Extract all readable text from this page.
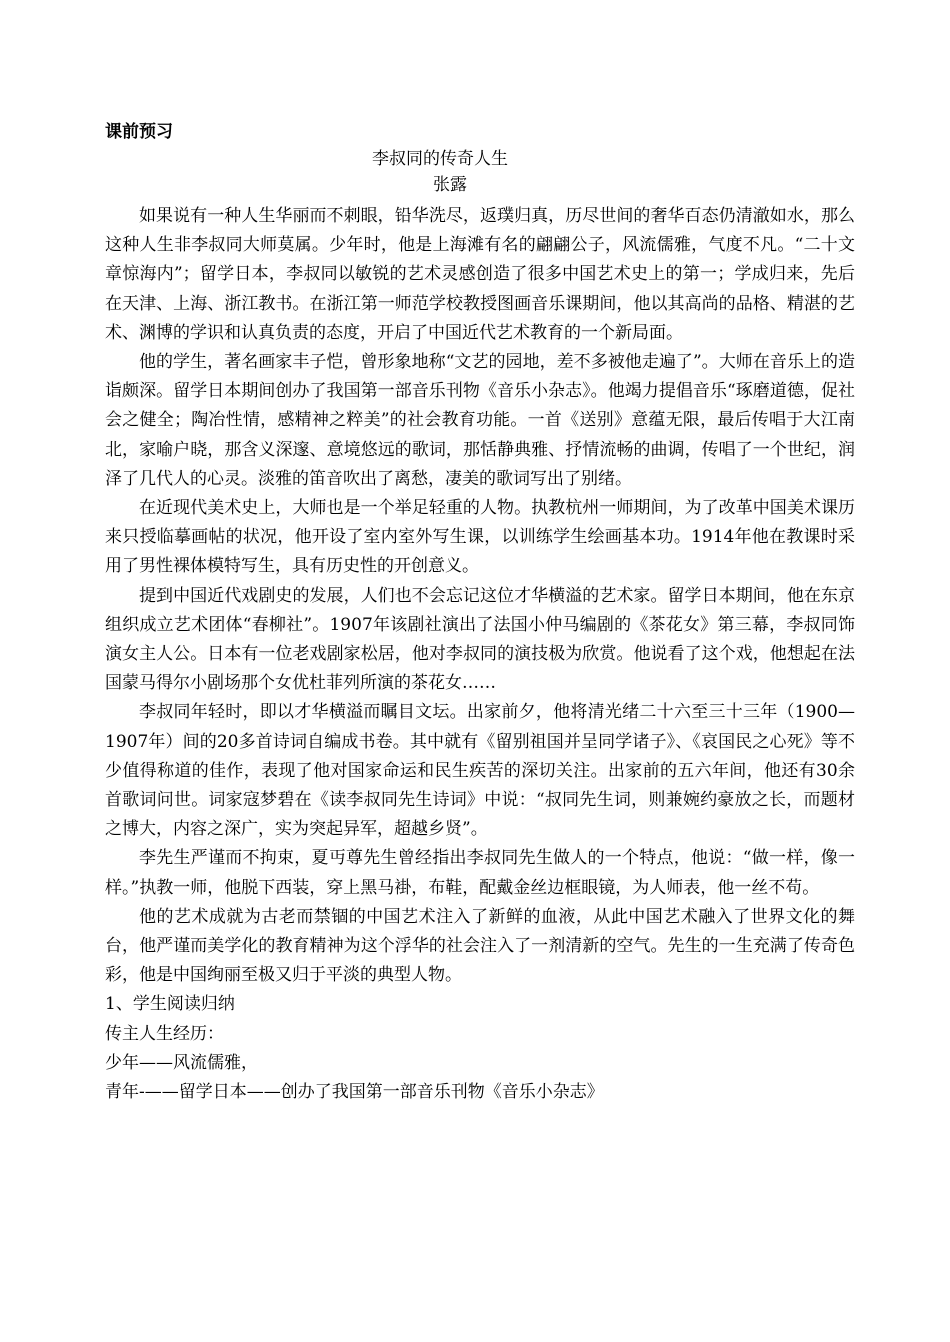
课前预习

李叔同的传奇人生

张露

如果说有一种人生华丽而不刺眼，铅华洗尽，返璞归真，历尽世间的奢华百态仍清澈如水，那么这种人生非李叔同大师莫属。少年时，他是上海滩有名的翩翩公子，风流儒雅，气度不凡。“二十文章惊海内”；留学日本，李叔同以敏锐的艺术灵感创造了很多中国艺术史上的第一；学成归来，先后在天津、上海、浙江教书。在浙江第一师范学校教授图画音乐课期间，他以其高尚的品格、精湛的艺术、渊博的学识和认真负责的态度，开启了中国近代艺术教育的一个新局面。

他的学生，著名画家丰子恺，曾形象地称“文艺的园地，差不多被他走遍了”。大师在音乐上的造诣颇深。留学日本期间创办了我国第一部音乐刊物《音乐小杂志》。他竭力提倡音乐“琢磨道德，促社会之健全；陶冶性情，感精神之粹美”的社会教育功能。一首《送别》意蕴无限，最后传唱于大江南北，家喻户晓，那含义深邃、意境悠远的歌词，那恬静典雅、抒情流畅的曲调，传唱了一个世纪，润泽了几代人的心灵。淡雅的笛音吹出了离愁，凄美的歌词写出了别绪。

在近现代美术史上，大师也是一个举足轻重的人物。执教杭州一师期间，为了改革中国美术课历来只授临摹画帖的状况，他开设了室内室外写生课，以训练学生绘画基本功。1914年他在教课时采用了男性裸体模特写生，具有历史性的开创意义。

提到中国近代戏剧史的发展，人们也不会忘记这位才华横溢的艺术家。留学日本期间，他在东京组织成立艺术团体“春柳社”。1907年该剧社演出了法国小仲马编剧的《茶花女》第三幕，李叔同饰演女主人公。日本有一位老戏剧家松居，他对李叔同的演技极为欣赏。他说看了这个戏，他想起在法国蒙马得尔小剧场那个女优杜菲列所演的茶花女……

李叔同年轻时，即以才华横溢而瞩目文坛。出家前夕，他将清光绪二十六至三十三年（1900—1907年）间的20多首诗词自编成书卷。其中就有《留别祖国并呈同学诸子》、《哀国民之心死》等不少值得称道的佳作，表现了他对国家命运和民生疾苦的深切关注。出家前的五六年间，他还有30余首歌词问世。词家寇梦碧在《读李叔同先生诗词》中说：“叔同先生词，则兼婉约豪放之长，而题材之博大，内容之深广，实为突起异军，超越乡贤”。

李先生严谨而不拘束，夏丏尊先生曾经指出李叔同先生做人的一个特点，他说：“做一样，像一样。”执教一师，他脱下西装，穿上黑马褂，布鞋，配戴金丝边框眼镜，为人师表，他一丝不苟。

他的艺术成就为古老而禁锢的中国艺术注入了新鲜的血液，从此中国艺术融入了世界文化的舞台，他严谨而美学化的教育精神为这个浮华的社会注入了一剂清新的空气。先生的一生充满了传奇色彩，他是中国绚丽至极又归于平淡的典型人物。

1、学生阅读归纳

传主人生经历：

少年——风流儒雅，

青年-——留学日本——创办了我国第一部音乐刊物《音乐小杂志》
